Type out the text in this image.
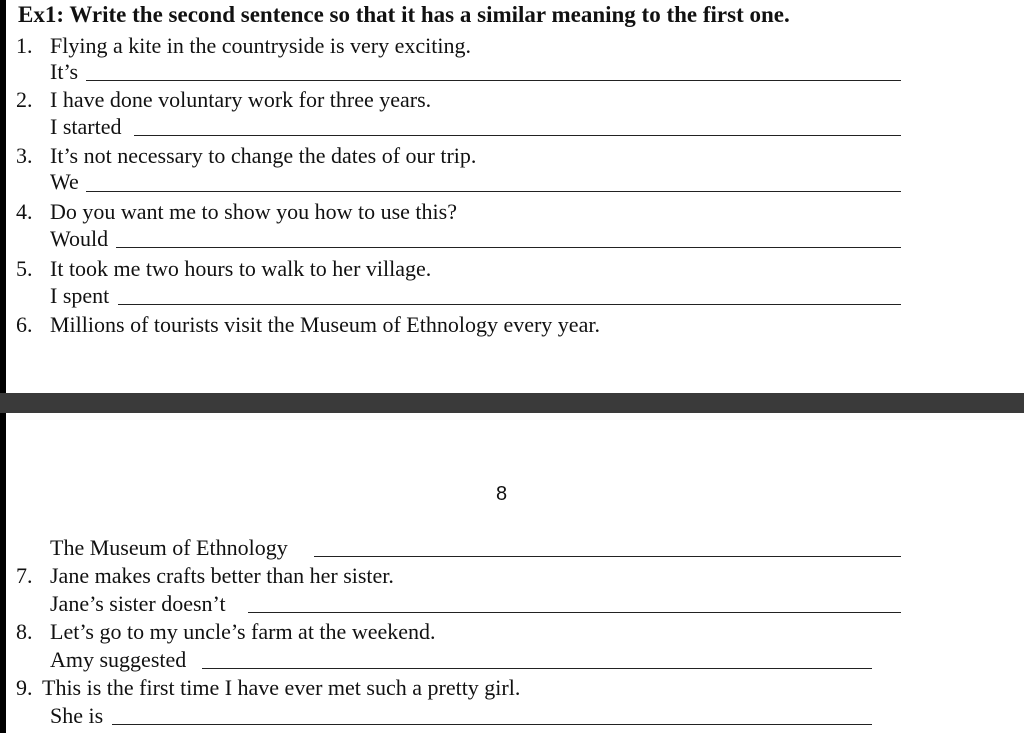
Ex1: Write the second sentence so that it has a similar meaning to the first one.
1. Flying a kite in the countryside is very exciting.
It’s
2. I have done voluntary work for three years.
I started
3. It’s not necessary to change the dates of our trip.
We
4. Do you want me to show you how to use this?
Would
5. It took me two hours to walk to her village.
I spent
6. Millions of tourists visit the Museum of Ethnology every year.
8
The Museum of Ethnology
7. Jane makes crafts better than her sister.
Jane’s sister doesn’t
8. Let’s go to my uncle’s farm at the weekend.
Amy suggested
9. This is the first time I have ever met such a pretty girl.
She is
